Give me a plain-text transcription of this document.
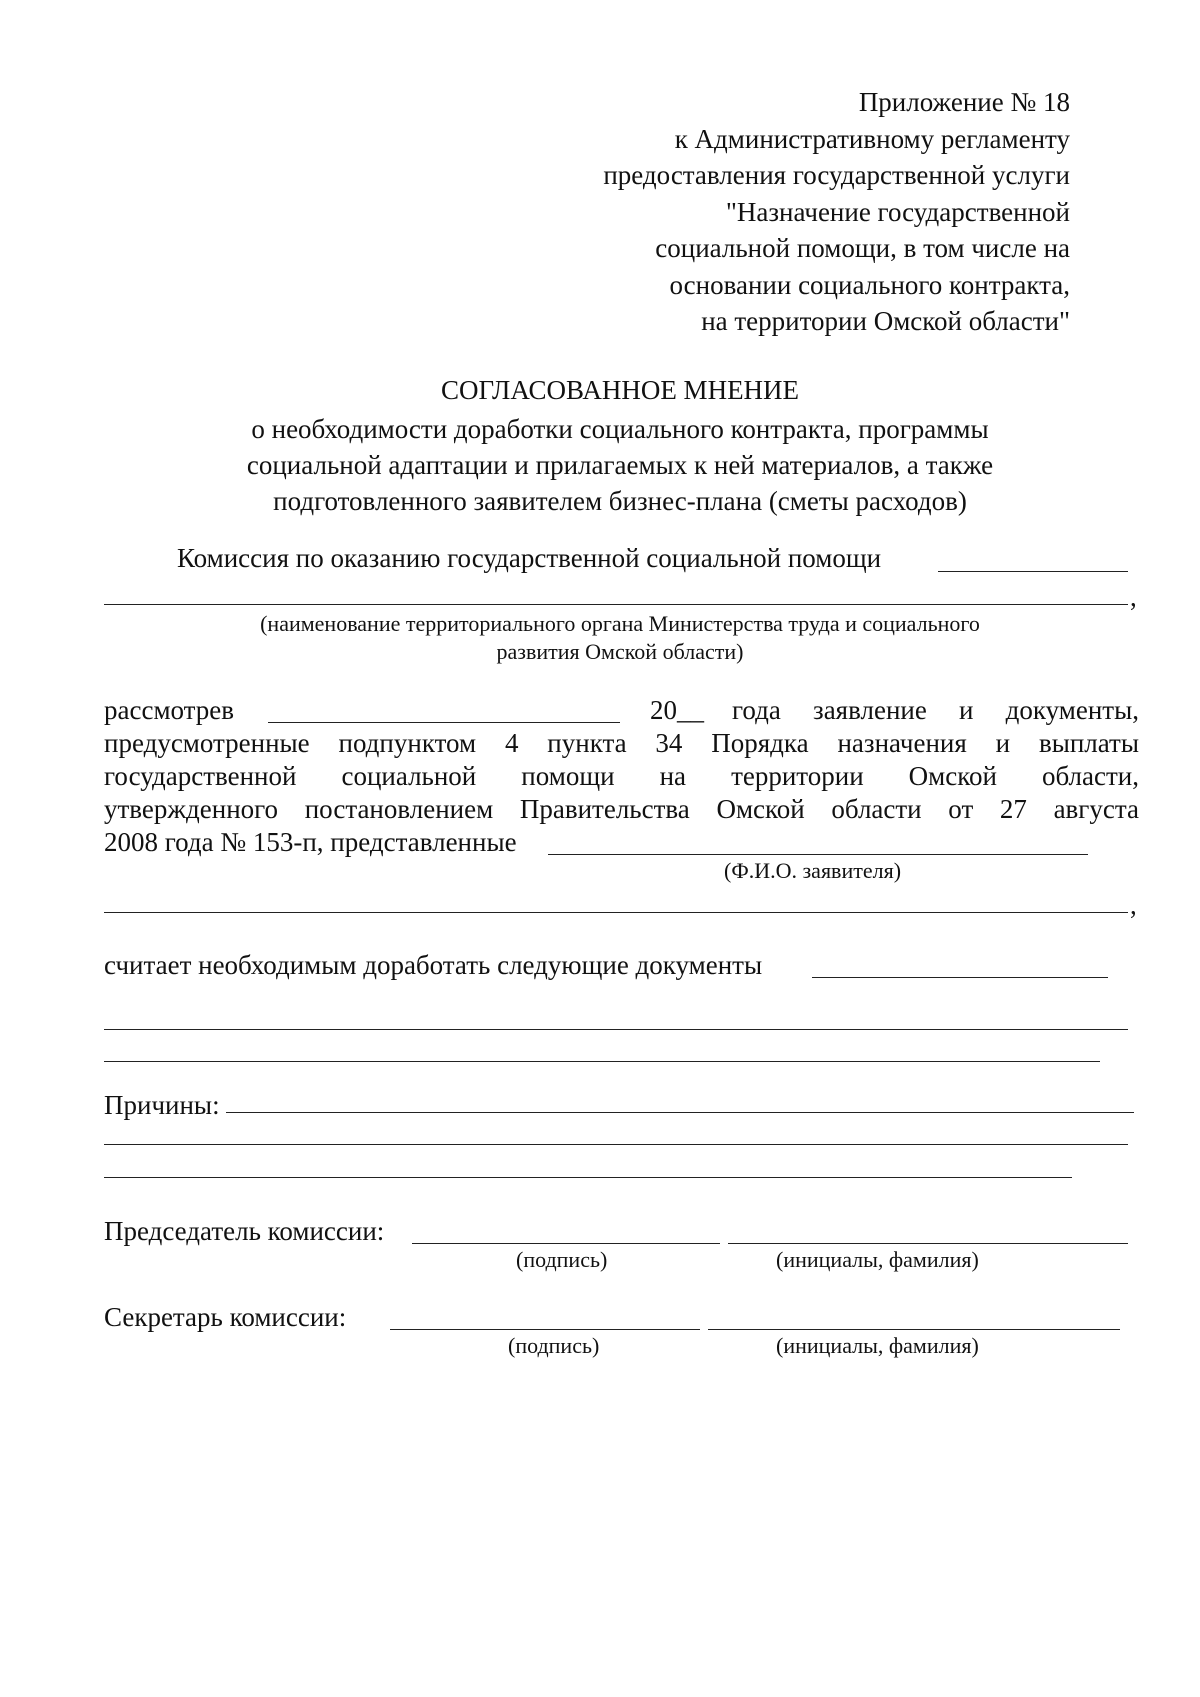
Приложение № 18
к Административному регламенту
предоставления государственной услуги
"Назначение государственной
социальной помощи, в том числе на
основании социального контракта,
на территории Омской области"
СОГЛАСОВАННОЕ МНЕНИЕ
о необходимости доработки социального контракта, программы
социальной адаптации и прилагаемых к ней материалов, а также
подготовленного заявителем бизнес-плана (сметы расходов)
Комиссия по оказанию государственной социальной помощи
,
(наименование территориального органа Министерства труда и социального
развития Омской области)
рассмотрев	20__ года заявление и документы,
предусмотренные подпунктом 4 пункта 34 Порядка назначения и выплаты
государственной социальной помощи на территории Омской области,
утвержденного постановлением Правительства Омской области от 27 августа
2008 года № 153-п, представленные
(Ф.И.О. заявителя)
,
считает необходимым доработать следующие документы
Причины:
Председатель комиссии:
(подпись)	(инициалы, фамилия)
Секретарь комиссии:
(подпись)	(инициалы, фамилия)
